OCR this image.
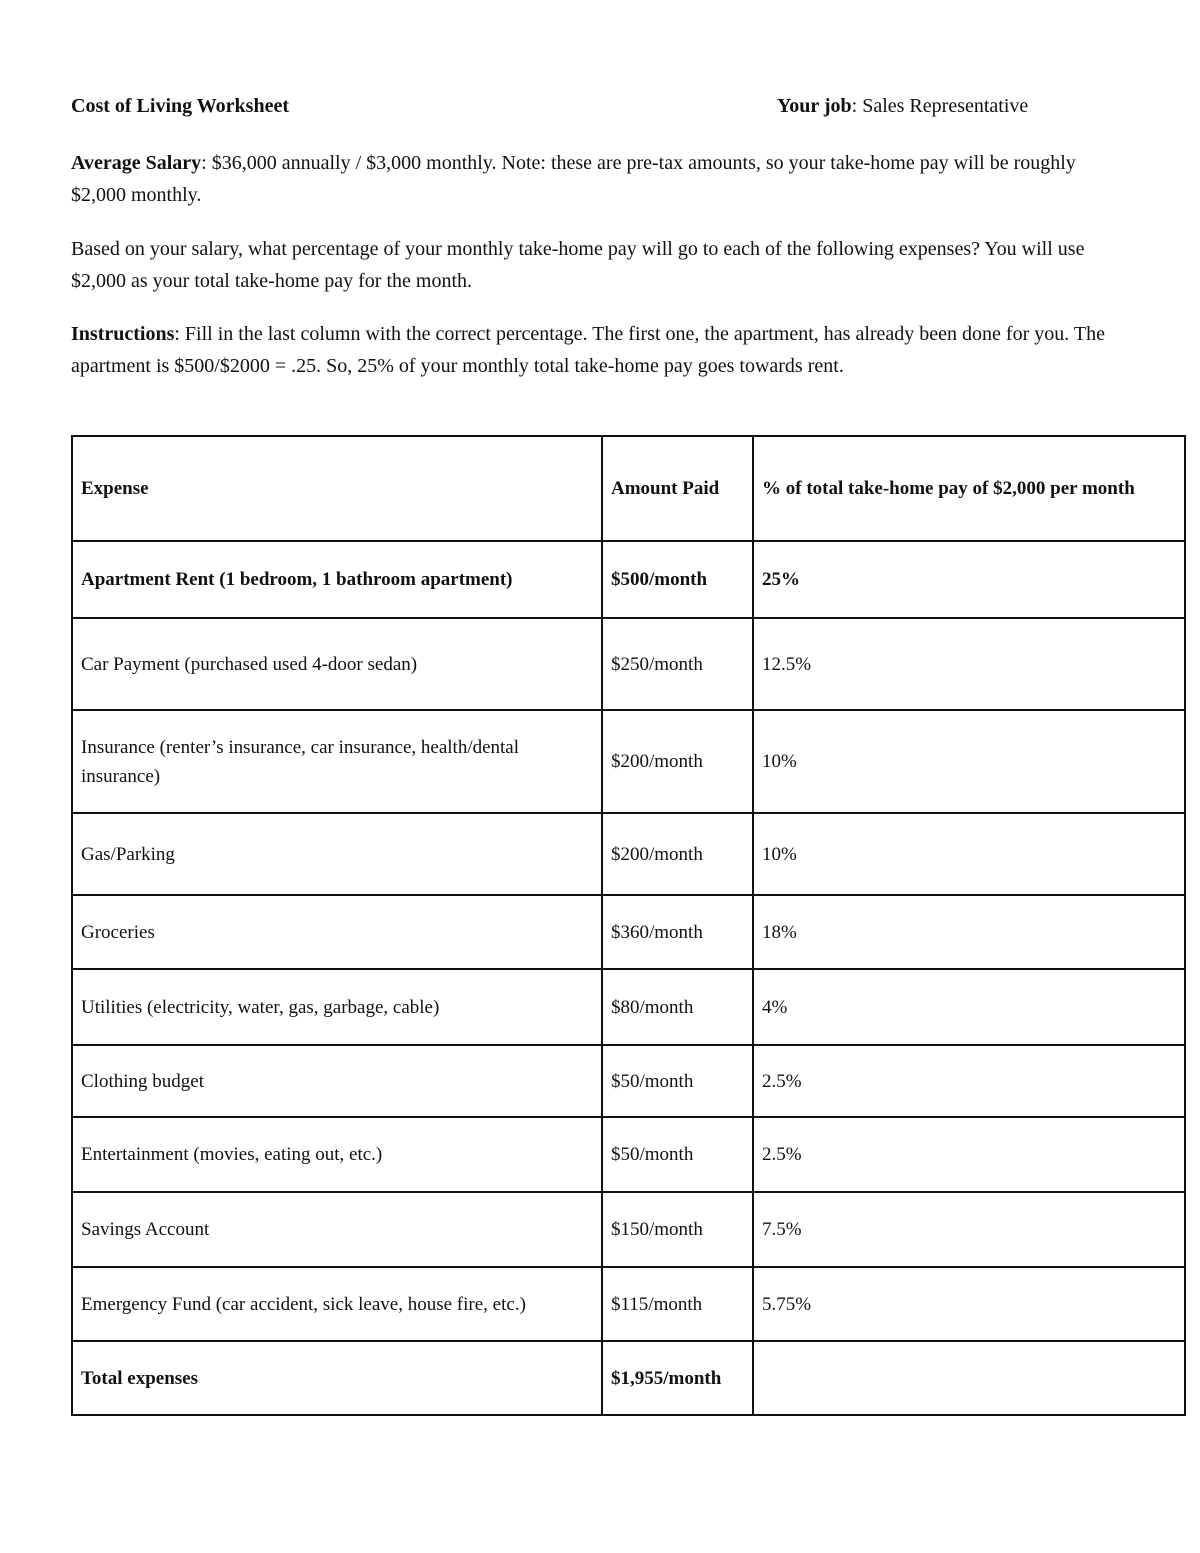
Cost of Living Worksheet	Your job: Sales Representative

Average Salary: $36,000 annually / $3,000 monthly. Note: these are pre-tax amounts, so your take-home pay will be roughly $2,000 monthly.

Based on your salary, what percentage of your monthly take-home pay will go to each of the following expenses? You will use $2,000 as your total take-home pay for the month.

Instructions: Fill in the last column with the correct percentage. The first one, the apartment, has already been done for you. The apartment is $500/$2000 = .25. So, 25% of your monthly total take-home pay goes towards rent.

Expense	Amount Paid	% of total take-home pay of $2,000 per month
Apartment Rent (1 bedroom, 1 bathroom apartment)	$500/month	25%
Car Payment (purchased used 4-door sedan)	$250/month	12.5%
Insurance (renter’s insurance, car insurance, health/dental insurance)	$200/month	10%
Gas/Parking	$200/month	10%
Groceries	$360/month	18%
Utilities (electricity, water, gas, garbage, cable)	$80/month	4%
Clothing budget	$50/month	2.5%
Entertainment (movies, eating out, etc.)	$50/month	2.5%
Savings Account	$150/month	7.5%
Emergency Fund (car accident, sick leave, house fire, etc.)	$115/month	5.75%
Total expenses	$1,955/month	
